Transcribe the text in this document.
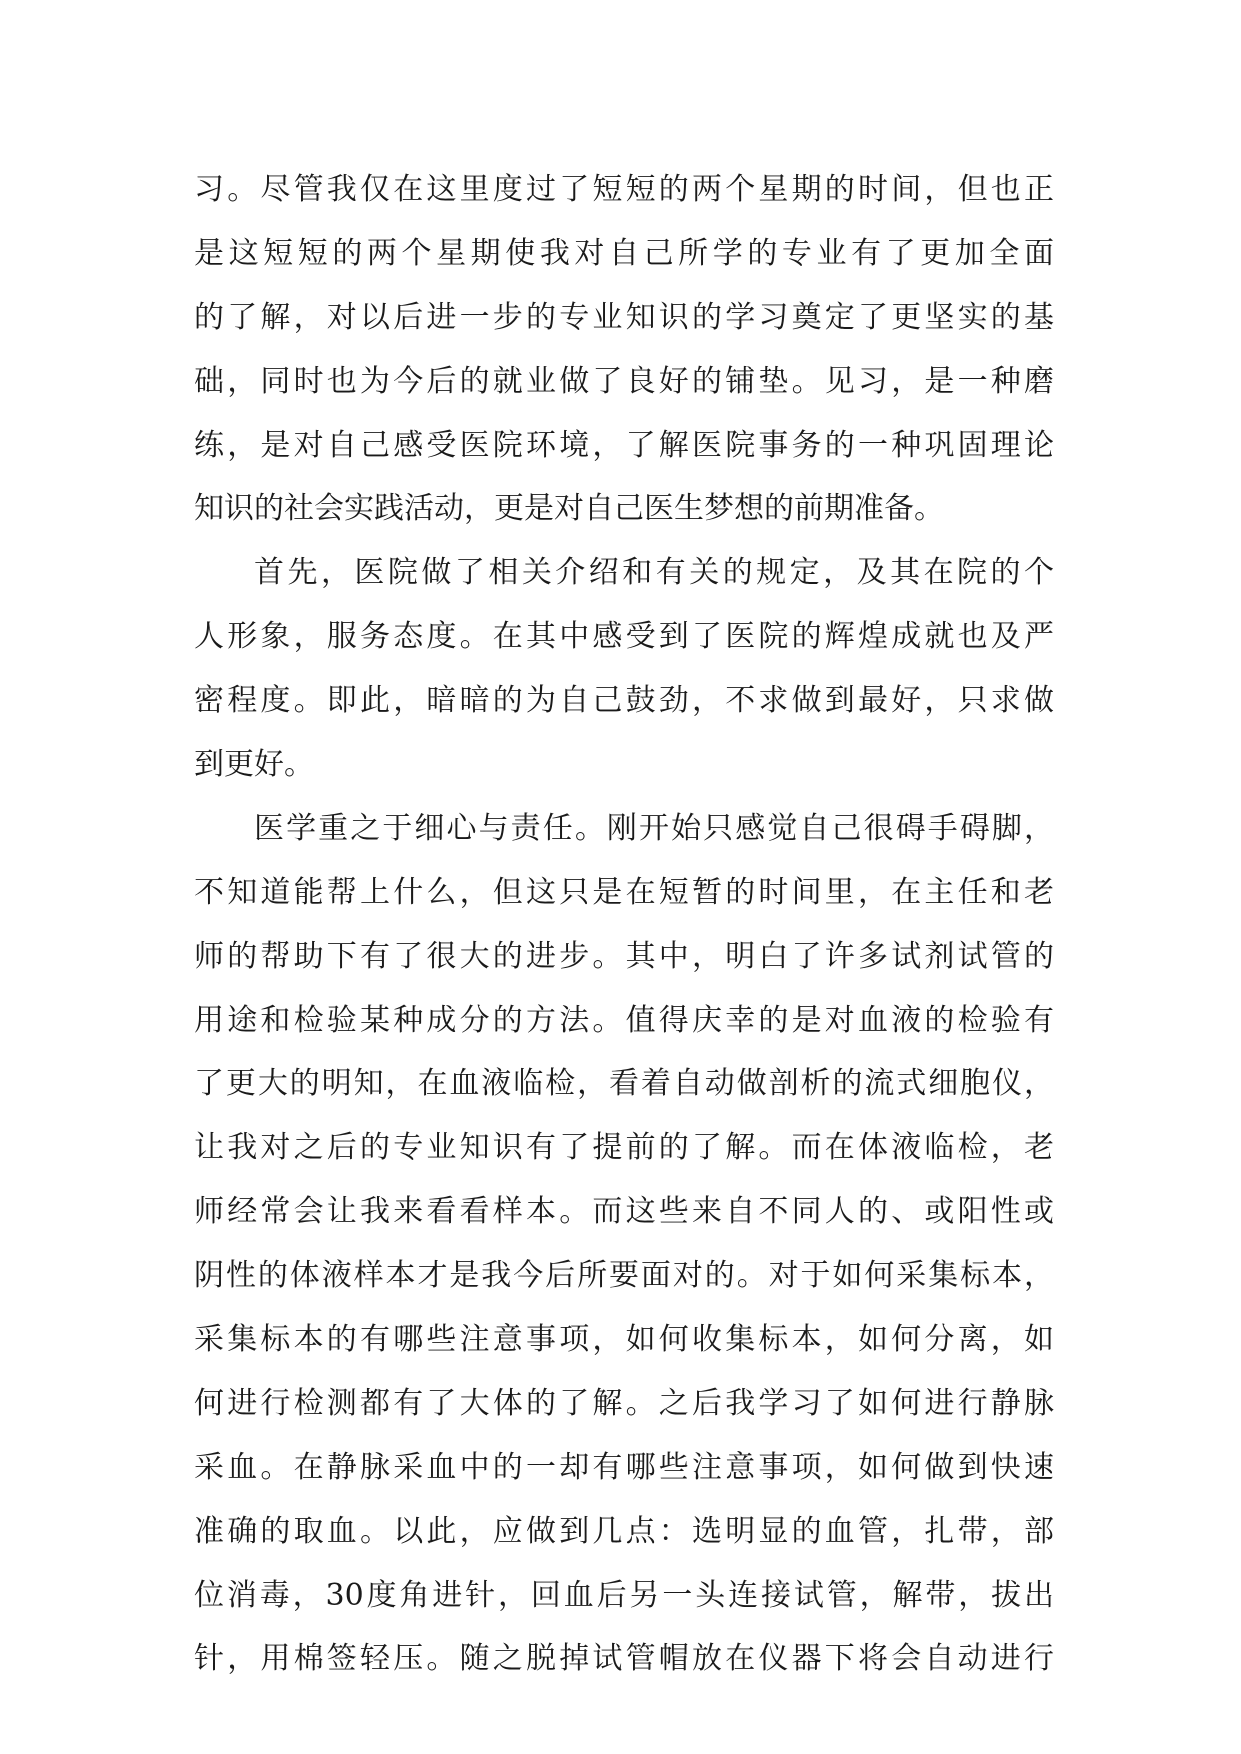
习。尽管我仅在这里度过了短短的两个星期的时间，但也正
是这短短的两个星期使我对自己所学的专业有了更加全面
的了解，对以后进一步的专业知识的学习奠定了更坚实的基
础，同时也为今后的就业做了良好的铺垫。见习，是一种磨
练，是对自己感受医院环境，了解医院事务的一种巩固理论
知识的社会实践活动，更是对自己医生梦想的前期准备。
首先，医院做了相关介绍和有关的规定，及其在院的个
人形象，服务态度。在其中感受到了医院的辉煌成就也及严
密程度。即此，暗暗的为自己鼓劲，不求做到最好，只求做
到更好。
医学重之于细心与责任。刚开始只感觉自己很碍手碍脚，
不知道能帮上什么，但这只是在短暂的时间里，在主任和老
师的帮助下有了很大的进步。其中，明白了许多试剂试管的
用途和检验某种成分的方法。值得庆幸的是对血液的检验有
了更大的明知，在血液临检，看着自动做剖析的流式细胞仪，
让我对之后的专业知识有了提前的了解。而在体液临检，老
师经常会让我来看看样本。而这些来自不同人的、或阳性或
阴性的体液样本才是我今后所要面对的。对于如何采集标本，
采集标本的有哪些注意事项，如何收集标本，如何分离，如
何进行检测都有了大体的了解。之后我学习了如何进行静脉
采血。在静脉采血中的一却有哪些注意事项，如何做到快速
准确的取血。以此，应做到几点：选明显的血管，扎带，部
位消毒，30度角进针，回血后另一头连接试管，解带，拔出
针，用棉签轻压。随之脱掉试管帽放在仪器下将会自动进行
